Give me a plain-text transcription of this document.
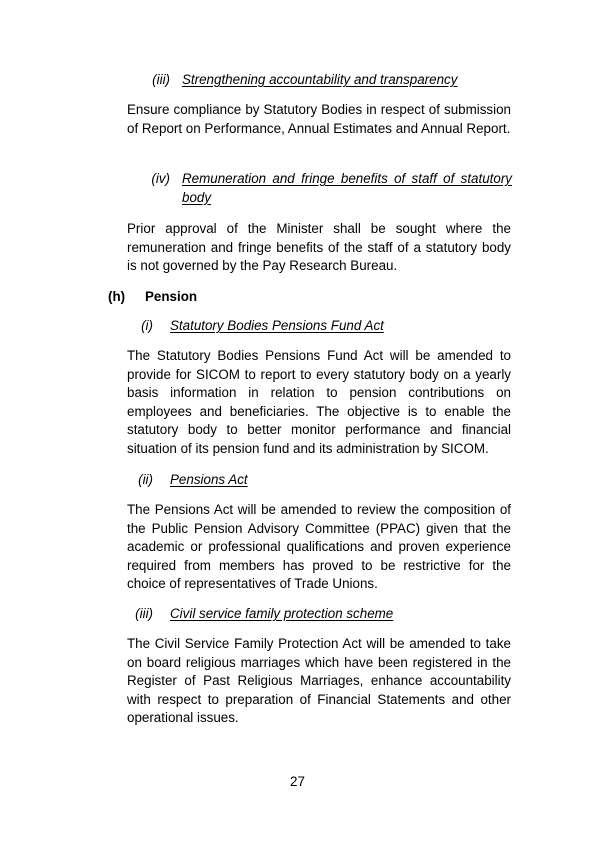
(iii) Strengthening accountability and transparency

Ensure compliance by Statutory Bodies in respect of submission of Report on Performance, Annual Estimates and Annual Report.

(iv) Remuneration and fringe benefits of staff of statutory body

Prior approval of the Minister shall be sought where the remuneration and fringe benefits of the staff of a statutory body is not governed by the Pay Research Bureau.

(h) Pension
(i) Statutory Bodies Pensions Fund Act

The Statutory Bodies Pensions Fund Act will be amended to provide for SICOM to report to every statutory body on a yearly basis information in relation to pension contributions on employees and beneficiaries. The objective is to enable the statutory body to better monitor performance and financial situation of its pension fund and its administration by SICOM.

(ii) Pensions Act

The Pensions Act will be amended to review the composition of the Public Pension Advisory Committee (PPAC) given that the academic or professional qualifications and proven experience required from members has proved to be restrictive for the choice of representatives of Trade Unions.

(iii) Civil service family protection scheme

The Civil Service Family Protection Act will be amended to take on board religious marriages which have been registered in the Register of Past Religious Marriages, enhance accountability with respect to preparation of Financial Statements and other operational issues.

27
